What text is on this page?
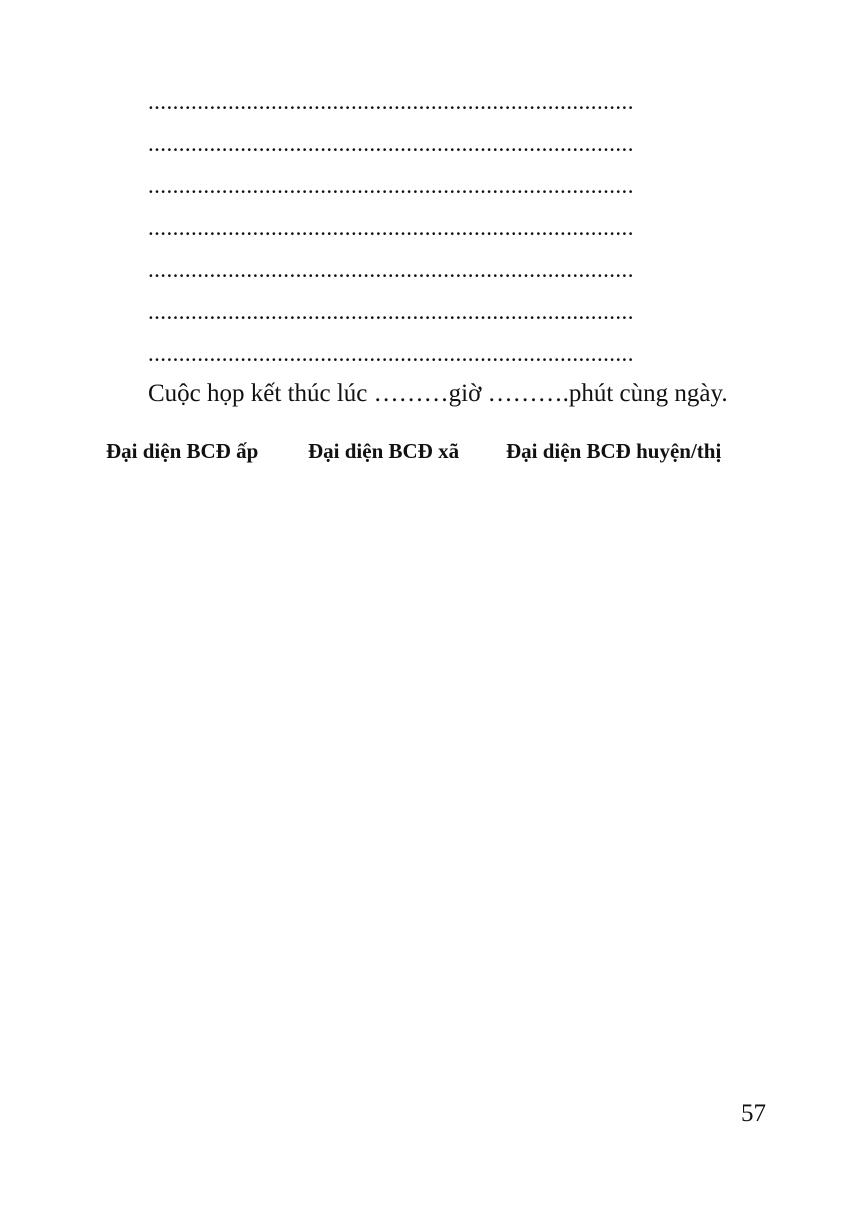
...............................................................................
...............................................................................
...............................................................................
...............................................................................
...............................................................................
...............................................................................
...............................................................................
Cuộc họp kết thúc lúc ………giờ ……….phút cùng ngày.
Đại diện BCĐ ấp Đại diện BCĐ xã Đại diện BCĐ huyện/thị
57
